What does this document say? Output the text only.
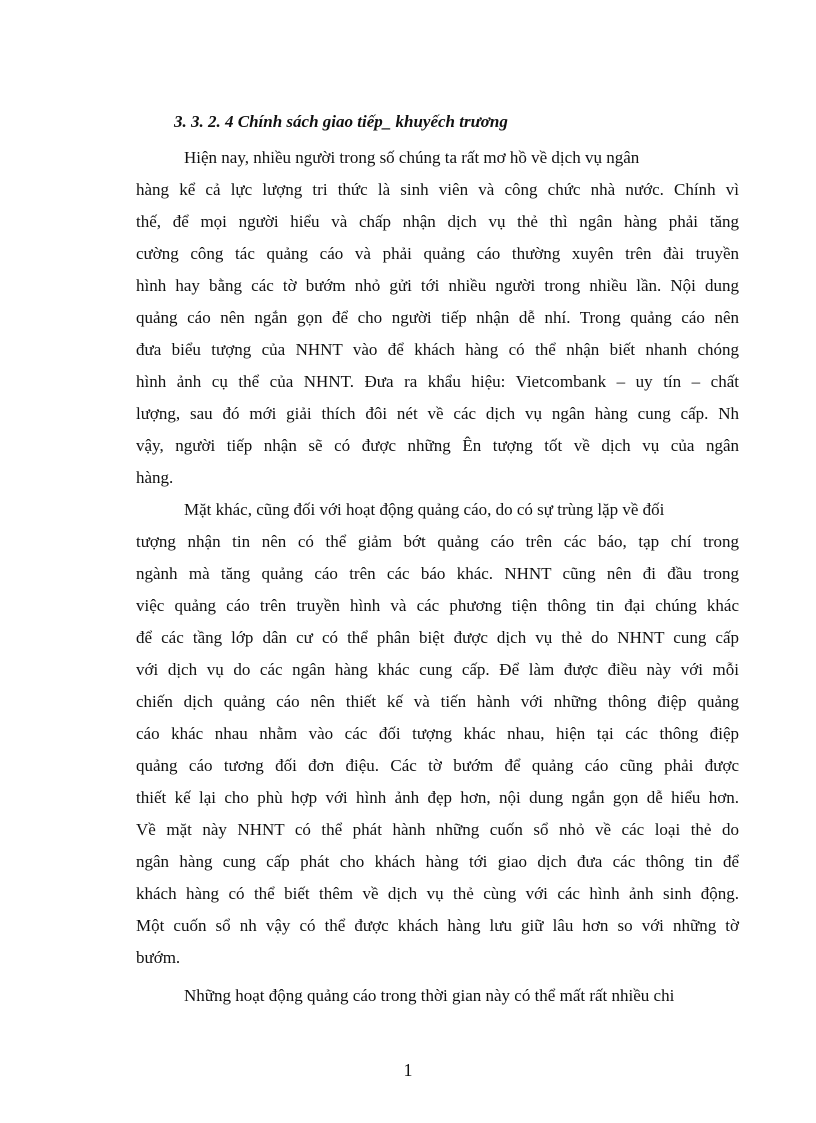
3. 3. 2. 4 Chính sách giao tiếp_ khuyếch trương

Hiện nay, nhiều người trong số chúng ta rất mơ hồ về dịch vụ ngân

hàng kể cả lực lượng tri thức là sinh viên và công chức nhà nước. Chính vì

thế, để mọi người hiểu và chấp nhận dịch vụ thẻ thì ngân hàng phải tăng

cường công tác quảng cáo và phải quảng cáo thường xuyên trên đài truyền

hình hay bằng các tờ bướm nhỏ gửi tới nhiều người trong nhiều lần. Nội dung

quảng cáo nên ngắn gọn để cho người tiếp nhận dễ nhí. Trong quảng cáo nên

đưa biểu tượng của NHNT vào để khách hàng có thể nhận biết nhanh chóng

hình ảnh cụ thể của NHNT. Đưa ra khẩu hiệu: Vietcombank – uy tín – chất

lượng, sau đó mới giải thích đôi nét về các dịch vụ ngân hàng cung cấp. Nh

vậy, người tiếp nhận sẽ có được những Ên tượng tốt về dịch vụ của ngân

hàng.

Mặt khác, cũng đối với hoạt động quảng cáo, do có sự trùng lặp về đối

tượng nhận tin nên có thể giảm bớt quảng cáo trên các báo, tạp chí trong

ngành mà tăng quảng cáo trên các báo khác. NHNT cũng nên đi đầu trong

việc quảng cáo trên truyền hình và các phương tiện thông tin đại chúng khác

để các tầng lớp dân cư có thể phân biệt được dịch vụ thẻ do NHNT cung cấp

với dịch vụ do các ngân hàng khác cung cấp. Để làm được điều này với mỗi

chiến dịch quảng cáo nên thiết kế và tiến hành với những thông điệp quảng

cáo khác nhau nhằm vào các đối tượng khác nhau, hiện tại các thông điệp

quảng cáo tương đối đơn điệu. Các tờ bướm để quảng cáo cũng phải được

thiết kế lại cho phù hợp với hình ảnh đẹp hơn, nội dung ngắn gọn dễ hiểu hơn.

Về mặt này NHNT có thể phát hành những cuốn sổ nhỏ về các loại thẻ do

ngân hàng cung cấp phát cho khách hàng tới giao dịch đưa các thông tin để

khách hàng có thể biết thêm về dịch vụ thẻ cùng với các hình ảnh sinh động.

Một cuốn sổ nh vậy có thể được khách hàng lưu giữ lâu hơn so với những tờ

bướm.

Những hoạt động quảng cáo trong thời gian này có thể mất rất nhiều chi

1
